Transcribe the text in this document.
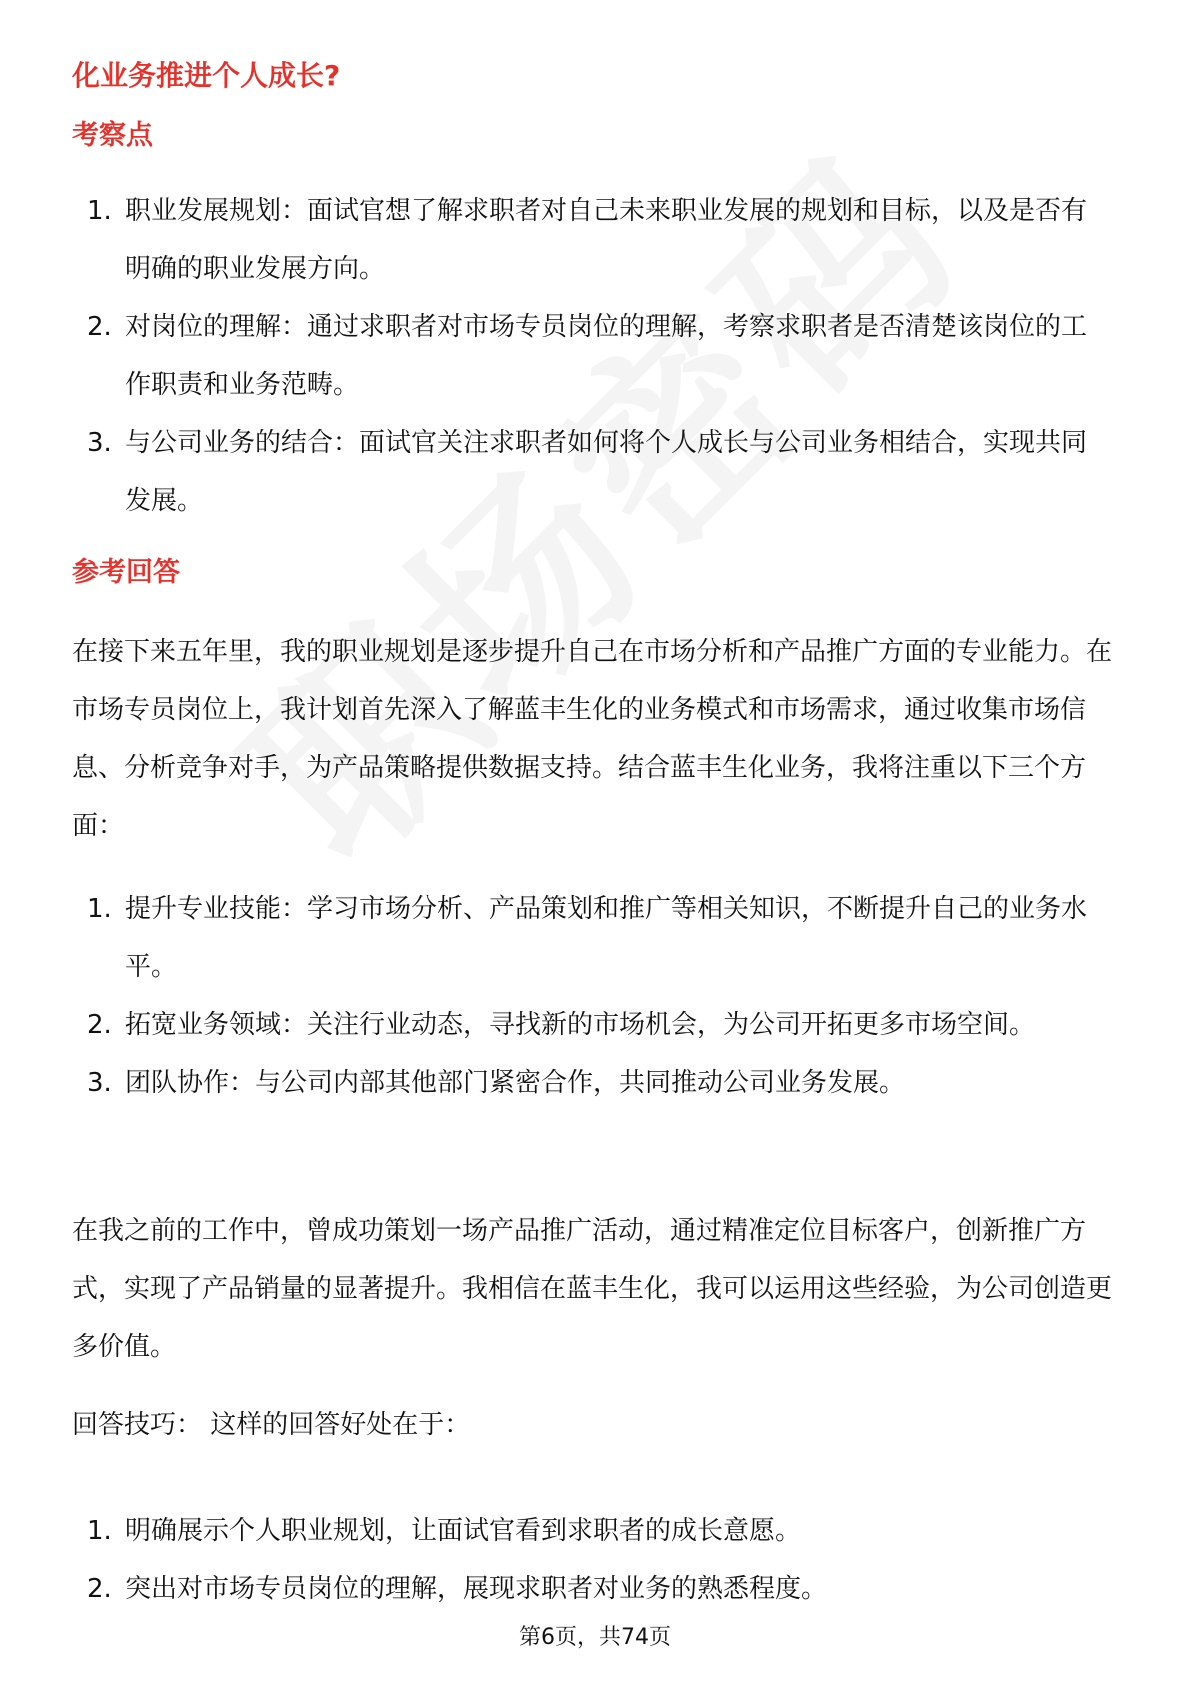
化业务推进个人成长?
考察点
1. 职业发展规划：面试官想了解求职者对自己未来职业发展的规划和目标，以及是否有明确的职业发展方向。
2. 对岗位的理解：通过求职者对市场专员岗位的理解，考察求职者是否清楚该岗位的工作职责和业务范畴。
3. 与公司业务的结合：面试官关注求职者如何将个人成长与公司业务相结合，实现共同发展。
参考回答

在接下来五年里，我的职业规划是逐步提升自己在市场分析和产品推广方面的专业能力。在市场专员岗位上，我计划首先深入了解蓝丰生化的业务模式和市场需求，通过收集市场信息、分析竞争对手，为产品策略提供数据支持。结合蓝丰生化业务，我将注重以下三个方面：

1. 提升专业技能：学习市场分析、产品策划和推广等相关知识，不断提升自己的业务水平。
2. 拓宽业务领域：关注行业动态，寻找新的市场机会，为公司开拓更多市场空间。
3. 团队协作：与公司内部其他部门紧密合作，共同推动公司业务发展。

在我之前的工作中，曾成功策划一场产品推广活动，通过精准定位目标客户，创新推广方式，实现了产品销量的显著提升。我相信在蓝丰生化，我可以运用这些经验，为公司创造更多价值。

回答技巧： 这样的回答好处在于：

1. 明确展示个人职业规划，让面试官看到求职者的成长意愿。
2. 突出对市场专员岗位的理解，展现求职者对业务的熟悉程度。
第6页，共74页
